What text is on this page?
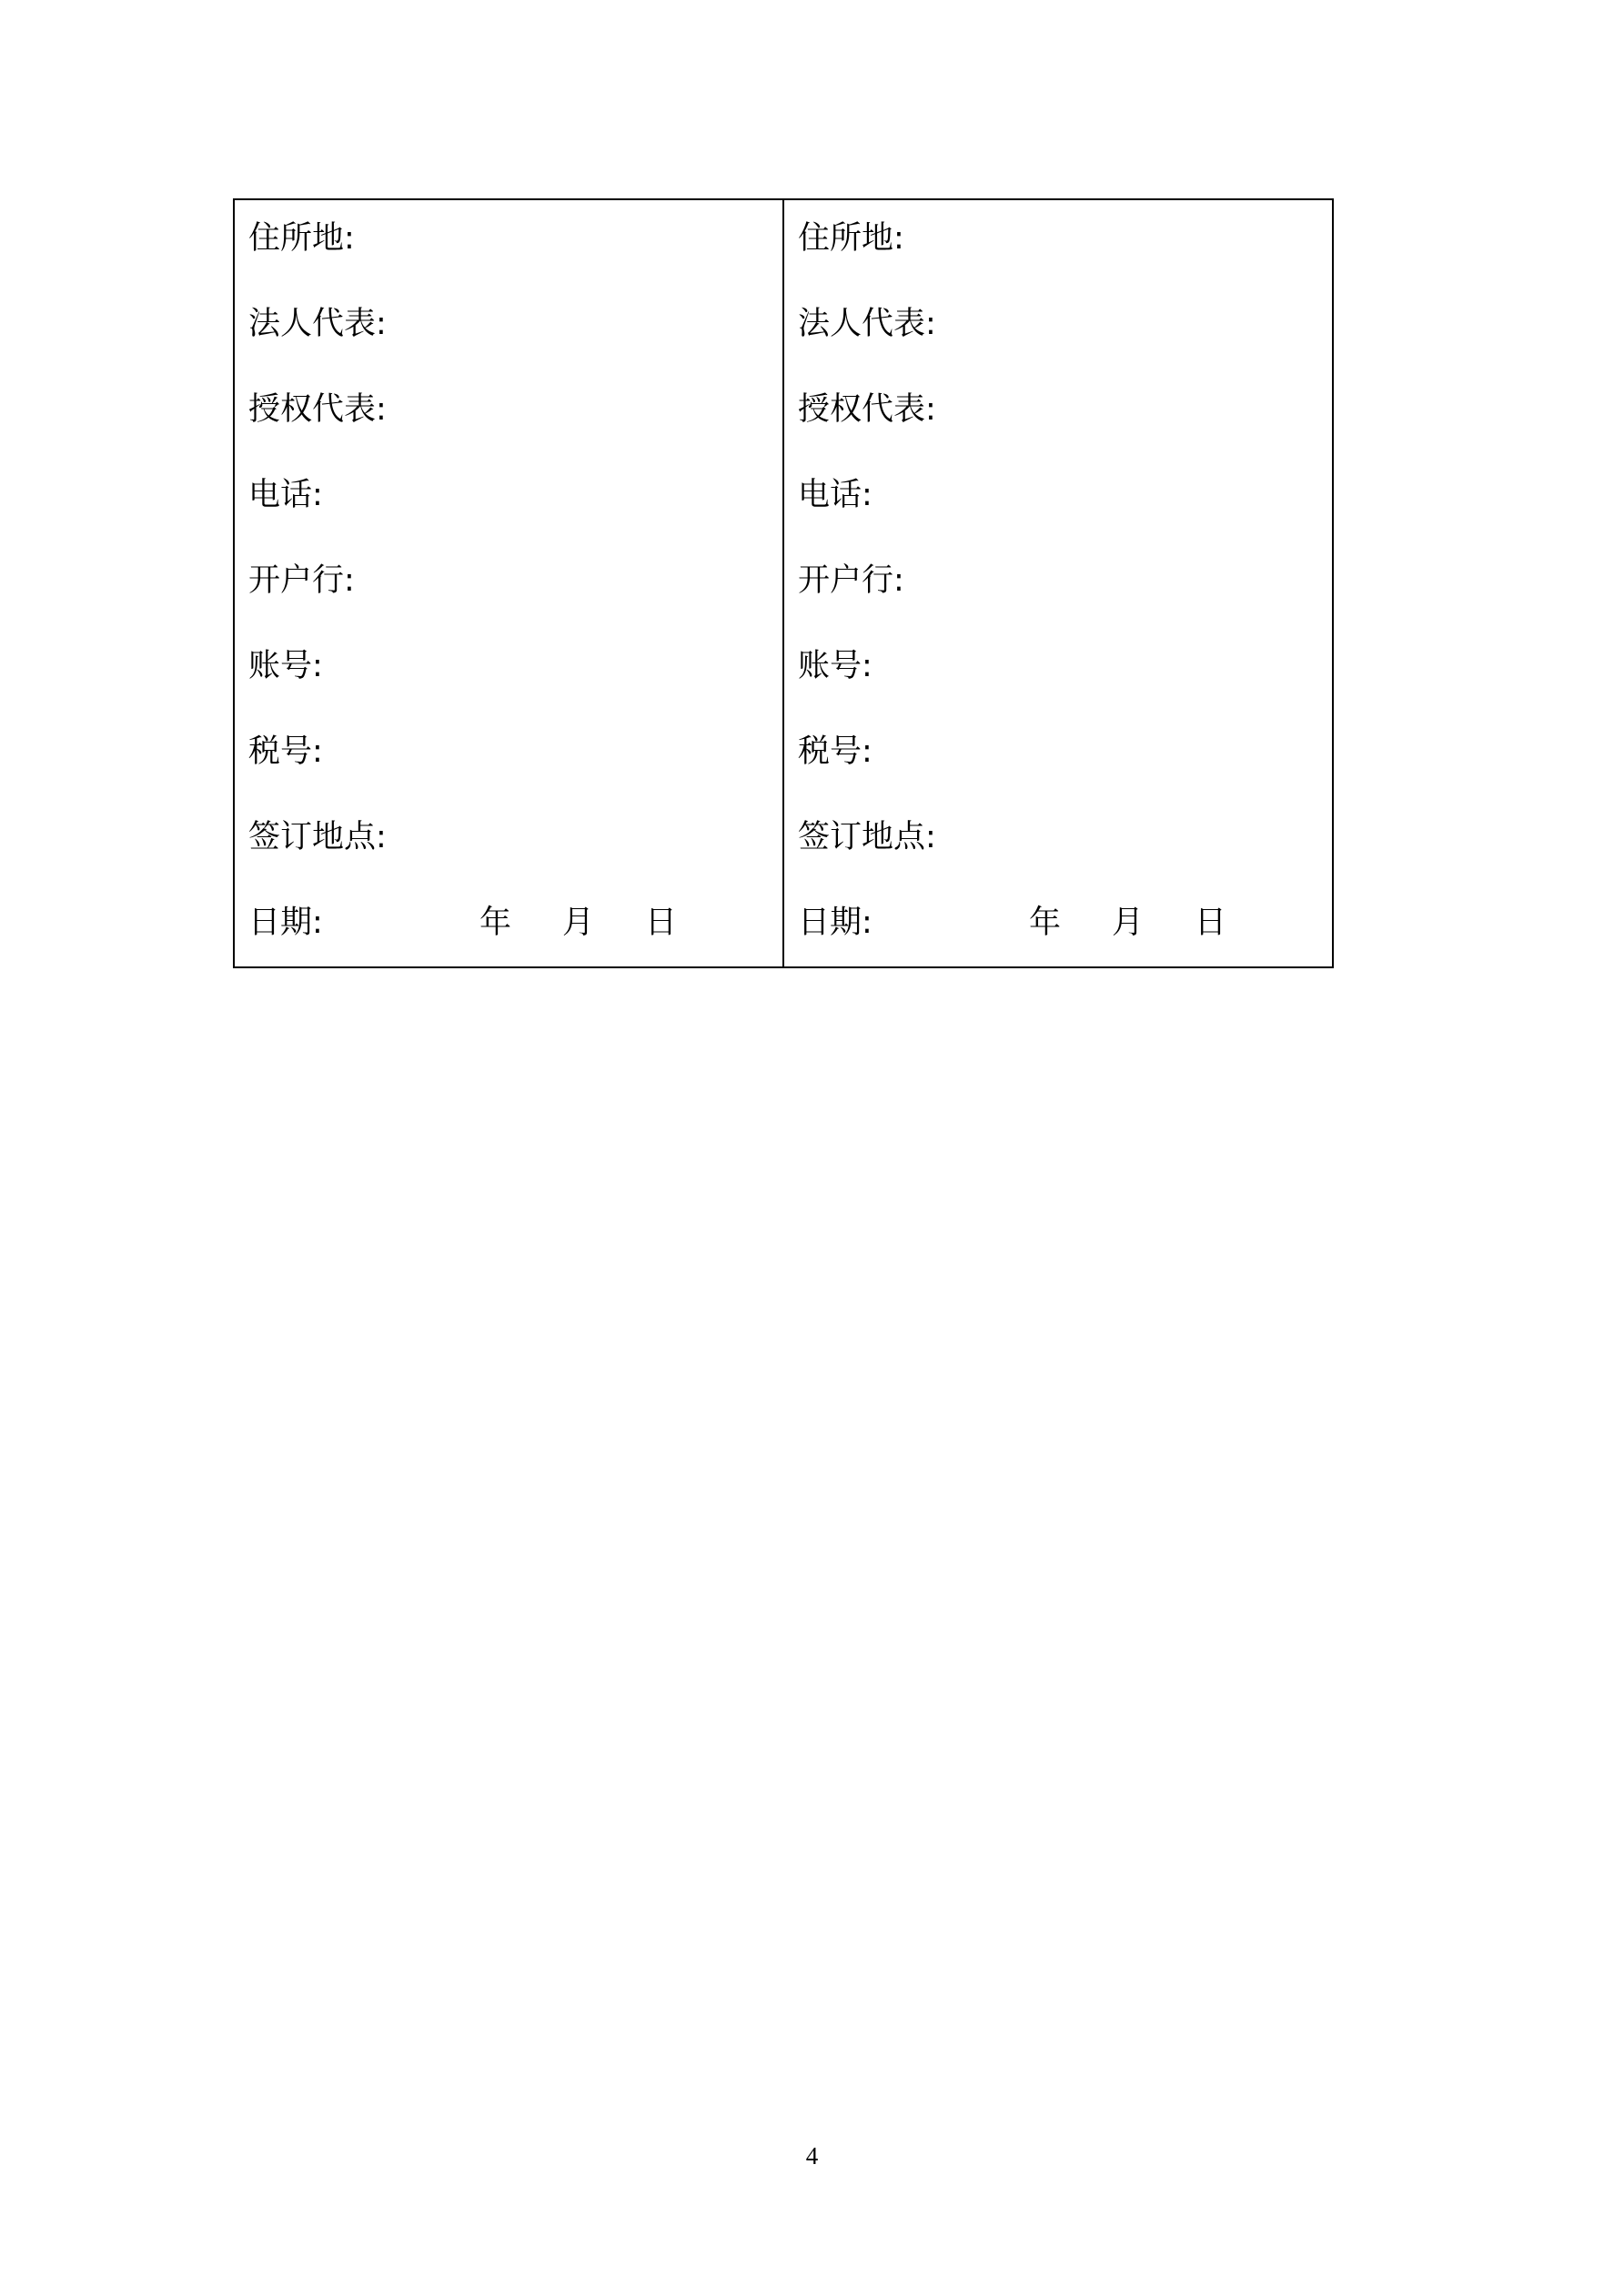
住所地:
法人代表:
授权代表:
电话:
开户行:
账号:
税号:
签订地点:
日期:	年 月 日
住所地:
法人代表:
授权代表:
电话:
开户行:
账号:
税号:
签订地点:
日期:	年 月 日
4
